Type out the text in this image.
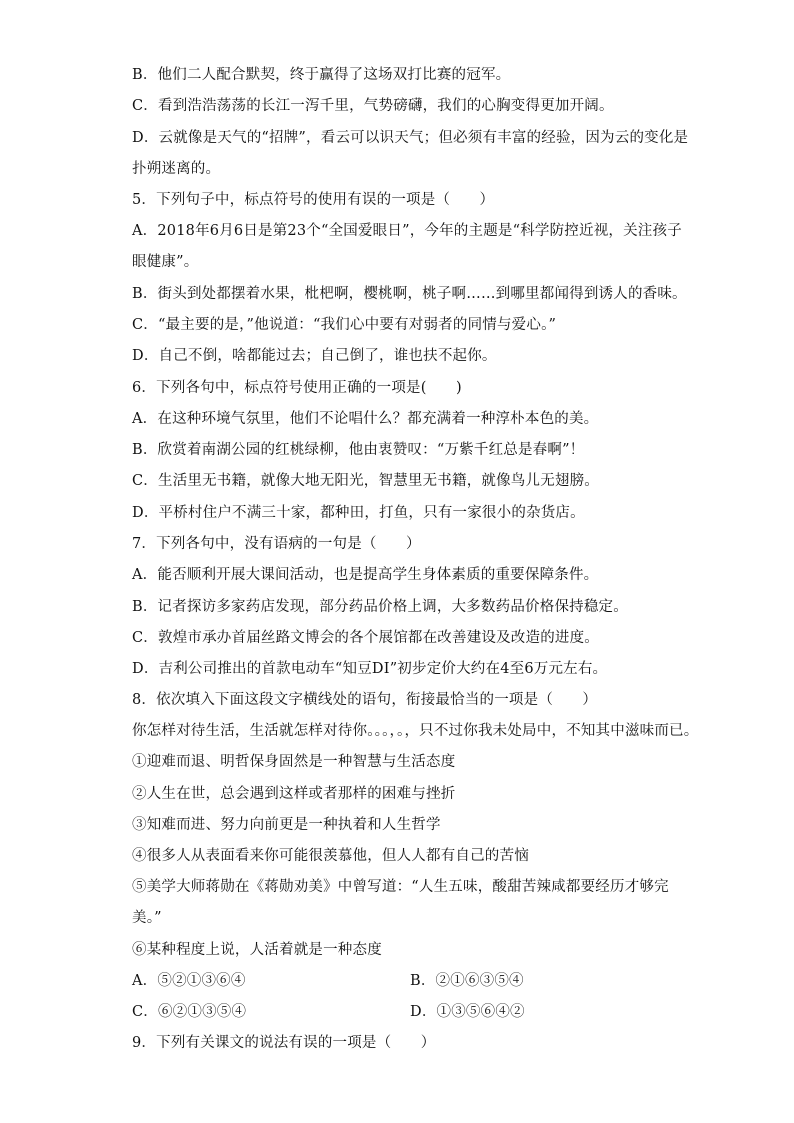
B．他们二人配合默契，终于赢得了这场双打比赛的冠军。
C．看到浩浩荡荡的长江一泻千里，气势磅礴，我们的心胸变得更加开阔。
D．云就像是天气的“招牌”，看云可以识天气；但必须有丰富的经验，因为云的变化是
扑朔迷离的。
5．下列句子中，标点符号的使用有误的一项是（　　）
A．2018年6月6日是第23个“全国爱眼日”，今年的主题是“科学防控近视，关注孩子
眼健康”。
B．街头到处都摆着水果，枇杷啊，樱桃啊，桃子啊……到哪里都闻得到诱人的香味。
C．“最主要的是，”他说道：“我们心中要有对弱者的同情与爱心。”
D．自己不倒，啥都能过去；自己倒了，谁也扶不起你。
6．下列各句中，标点符号使用正确的一项是(　　)
A．在这种环境气氛里，他们不论唱什么？都充满着一种淳朴本色的美。
B．欣赏着南湖公园的红桃绿柳，他由衷赞叹：“万紫千红总是春啊”！
C．生活里无书籍，就像大地无阳光，智慧里无书籍，就像鸟儿无翅膀。
D．平桥村住户不满三十家，都种田，打鱼，只有一家很小的杂货店。
7．下列各句中，没有语病的一句是（　　）
A．能否顺利开展大课间活动，也是提高学生身体素质的重要保障条件。
B．记者探访多家药店发现，部分药品价格上调，大多数药品价格保持稳定。
C．敦煌市承办首届丝路文博会的各个展馆都在改善建设及改造的进度。
D．吉利公司推出的首款电动车“知豆DI”初步定价大约在4至6万元左右。
8．依次填入下面这段文字横线处的语句，衔接最恰当的一项是（　　）
你怎样对待生活，生活就怎样对待你。。。，。，只不过你我未处局中，不知其中滋味而已。
①迎难而退、明哲保身固然是一种智慧与生活态度
②人生在世，总会遇到这样或者那样的困难与挫折
③知难而进、努力向前更是一种执着和人生哲学
④很多人从表面看来你可能很羡慕他，但人人都有自己的苦恼
⑤美学大师蒋勋在《蒋勋劝美》中曾写道：“人生五味，酸甜苦辣咸都要经历才够完
美。”
⑥某种程度上说，人活着就是一种态度
A．⑤②①③⑥④	B．②①⑥③⑤④
C．⑥②①③⑤④	D．①③⑤⑥④②
9．下列有关课文的说法有误的一项是（　　）
